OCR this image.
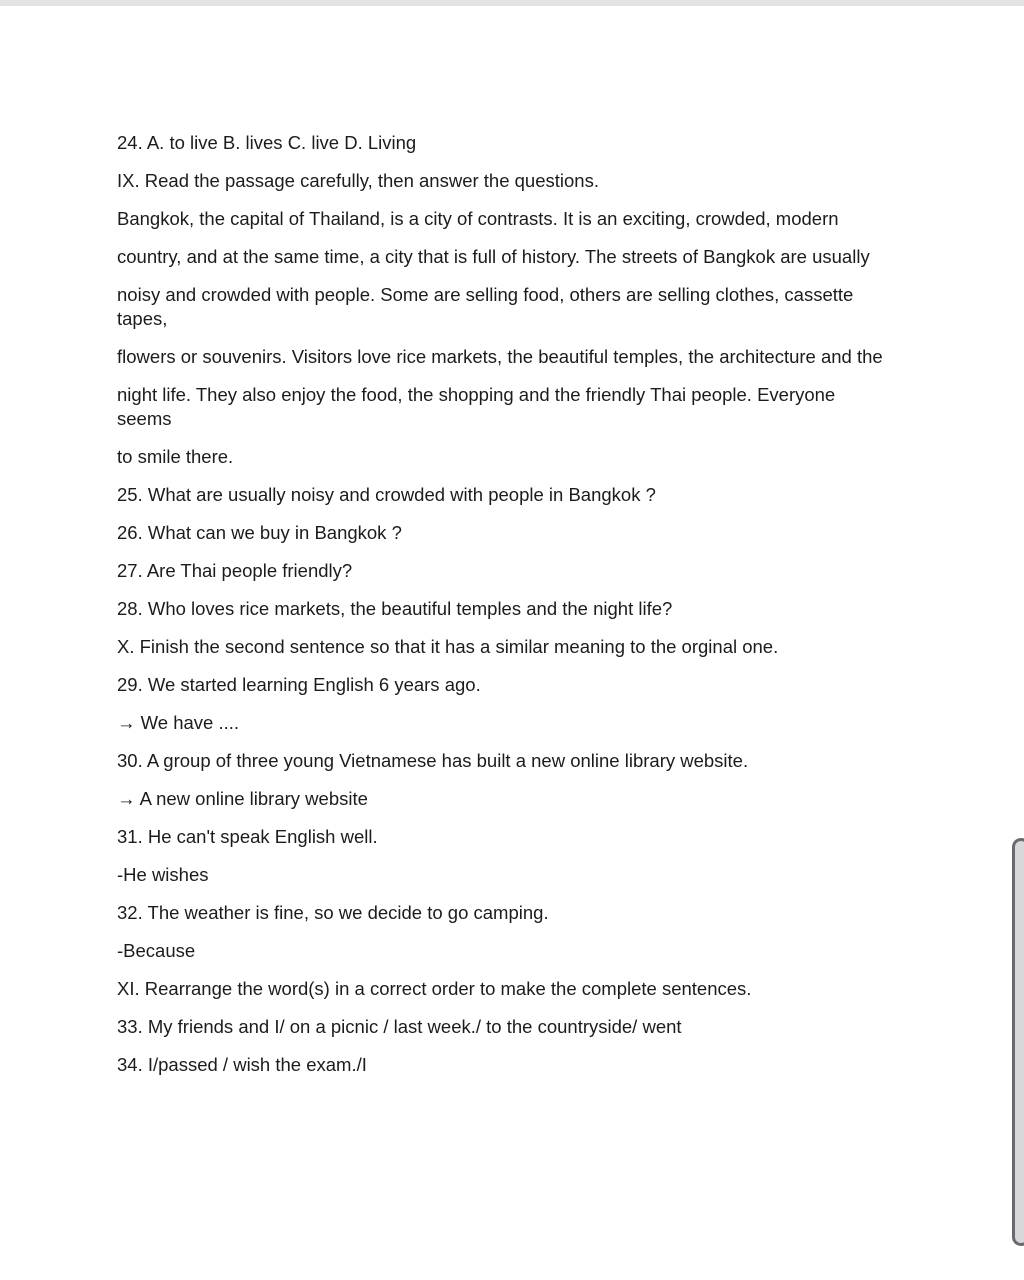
24. A. to live B. lives C. live D. Living
IX. Read the passage carefully, then answer the questions.
Bangkok, the capital of Thailand, is a city of contrasts. It is an exciting, crowded, modern
country, and at the same time, a city that is full of history. The streets of Bangkok are usually
noisy and crowded with people. Some are selling food, others are selling clothes, cassette tapes,
flowers or souvenirs. Visitors love rice markets, the beautiful temples, the architecture and the
night life. They also enjoy the food, the shopping and the friendly Thai people. Everyone seems
to smile there.
25. What are usually noisy and crowded with people in Bangkok ?
26. What can we buy in Bangkok ?
27. Are Thai people friendly?
28. Who loves rice markets, the beautiful temples and the night life?
X. Finish the second sentence so that it has a similar meaning to the orginal one.
29. We started learning English 6 years ago.
→ We have ....
30. A group of three young Vietnamese has built a new online library website.
→ A new online library website
31. He can't speak English well.
-He wishes
32. The weather is fine, so we decide to go camping.
-Because
XI. Rearrange the word(s) in a correct order to make the complete sentences.
33. My friends and I/ on a picnic / last week./ to the countryside/ went
34. I/passed / wish the exam./I
